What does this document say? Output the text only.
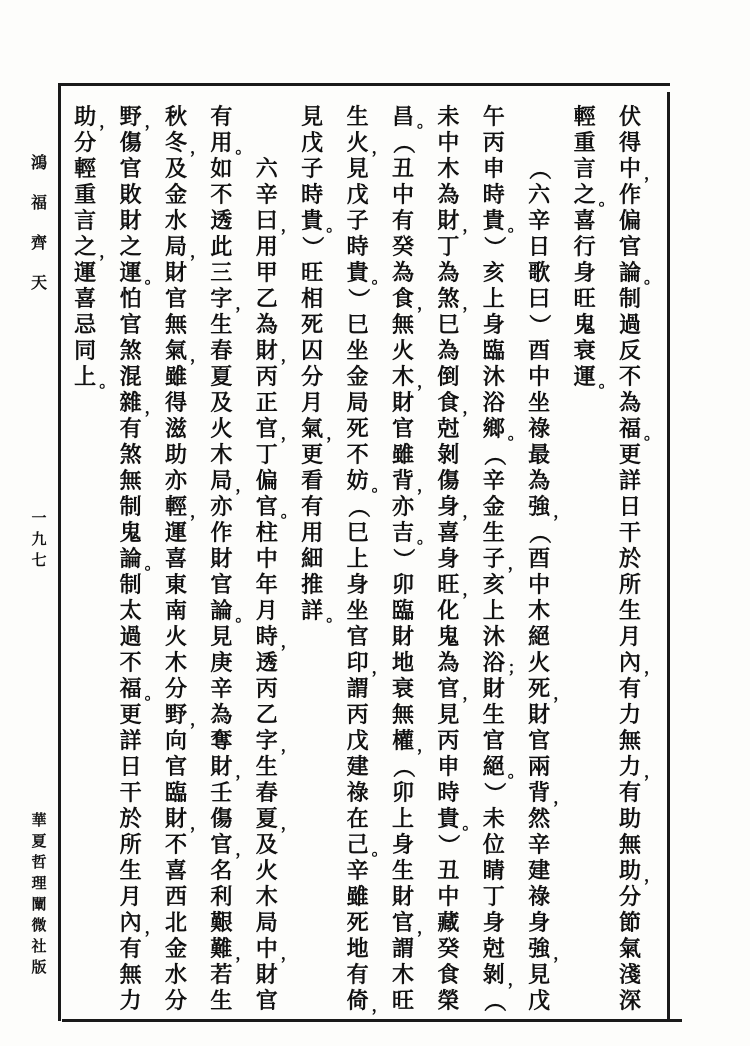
鴻
福
齊
天
一
九
七
華
夏
哲
理
闡
微
社
版
伏
得
中 ，
作
偏
官
論 。
制
過
反
不
為
福 。
更
詳
日
干
於
所
生
月
內 ，
有
力
無
力 ，
有
助
無
助 ，
分
節
氣
淺
深
輕
重
言
之 。
喜
行
身
旺
鬼
衰
運 。
（
六
辛
日
歌
曰
）
酉
中
坐
祿
最
為
強 ，
（
酉
中
木
絕
火
死 ，
財
官
兩
背 ，
然
辛
建
祿
身
強 ，
見
戊
午
丙
申
時
貴 。
）
亥
上
身
臨
沐
浴
鄉 。
（
辛
金
生
子 ，
亥
上
沐
浴 ；
財
生
官
絕 。
）
未
位
睛
丁
身
尅
剝 ，
（
未
中
木
為
財 ，
丁
為
煞 ，
巳
為
倒
食 ，
尅
剝
傷
身 ，
喜
身
旺 ，
化
鬼
為
官 ，
見
丙
申
時
貴 。
）
丑
中
藏
癸
食
榮
昌 。
（
丑
中
有
癸
為
食 ，
無
火
木 ，
財
官
雖
背 ，
亦
吉 。
）
卯
臨
財
地
衰
無
權 ，
（
卯
上
身
生
財
官 ，
謂
木
旺
生
火 ，
見
戊
子
時
貴 。
）
巳
坐
金
局
死
不
妨 。
（
巳
上
身
坐
官
印 ，
謂
丙
戊
建
祿
在
己 。
辛
雖
死
地
有
倚 ，
見
戊
子
時
貴 。
）
旺
相
死
囚
分
月
氣 ，
更
看
有
用
細
推
詳 。
六
辛
曰 ，
用
甲
乙
為
財 ，
丙
正
官 ，
丁
偏
官 。
柱
中
年
月
時 ，
透
丙
乙
字 ，
生
春
夏 ，
及
火
木
局
中 ，
財
官
有
用 。
如
不
透
此
三
字 ，
生
春
夏
及
火
木
局 ，
亦
作
財
官
論 。
見
庚
辛
為
奪
財 ，
壬
傷
官 ，
名
利
艱
難 ，
若
生
秋
冬 ，
及
金
水
局 ，
財
官
無
氣 ，
雖
得
滋
助
亦
輕 ，
運
喜
東
南
火
木
分
野 ，
向
官
臨
財 ，
不
喜
西
北
金
水
分
野 ，
傷
官
敗
財
之
運 。
怕
官
煞
混
雜 ，
有
煞
無
制
鬼
論 。
制
太
過
不
福 。
更
詳
日
干
於
所
生
月
內 ，
有
無
力
助 ，
分
輕
重
言
之 ，
運
喜
忌
同
上 。
